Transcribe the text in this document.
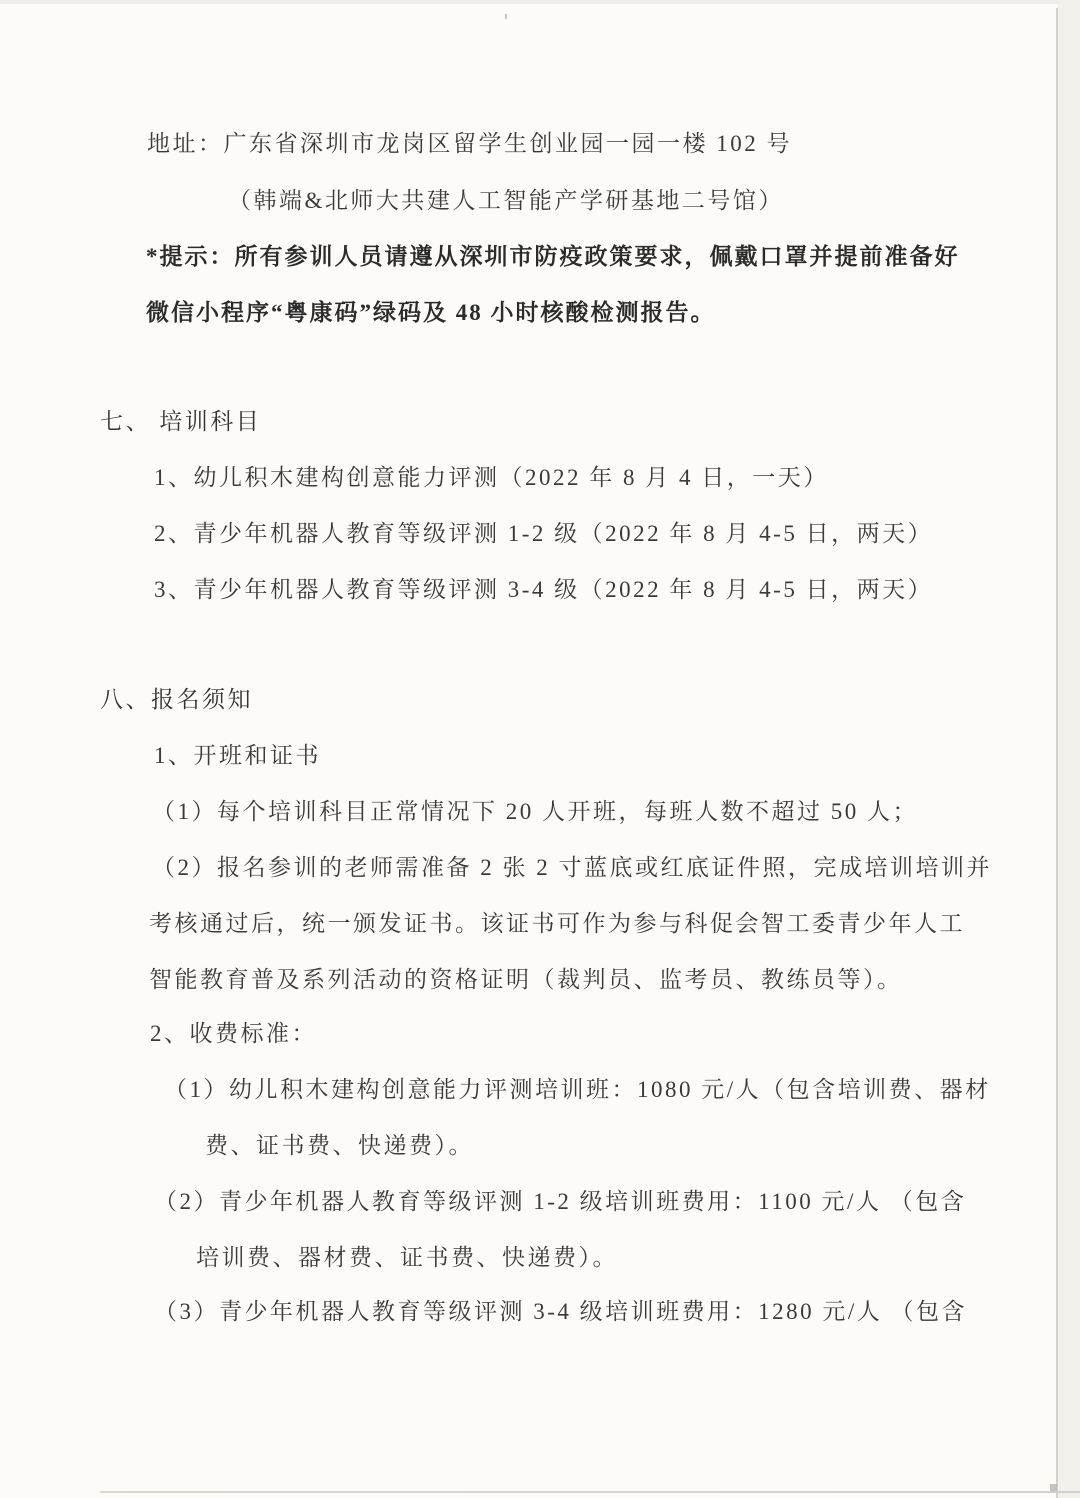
地址：广东省深圳市龙岗区留学生创业园一园一楼 102 号
（韩端&北师大共建人工智能产学研基地二号馆）
*提示：所有参训人员请遵从深圳市防疫政策要求，佩戴口罩并提前准备好
微信小程序“粤康码”绿码及 48 小时核酸检测报告。
七、 培训科目
1、幼儿积木建构创意能力评测（2022 年 8 月 4 日，一天）
2、青少年机器人教育等级评测 1-2 级（2022 年 8 月 4-5 日，两天）
3、青少年机器人教育等级评测 3-4 级（2022 年 8 月 4-5 日，两天）
八、报名须知
1、开班和证书
（1）每个培训科目正常情况下 20 人开班，每班人数不超过 50 人；
（2）报名参训的老师需准备 2 张 2 寸蓝底或红底证件照，完成培训培训并
考核通过后，统一颁发证书。该证书可作为参与科促会智工委青少年人工
智能教育普及系列活动的资格证明（裁判员、监考员、教练员等）。
2、收费标准：
（1）幼儿积木建构创意能力评测培训班：1080 元/人（包含培训费、器材
费、证书费、快递费）。
（2）青少年机器人教育等级评测 1-2 级培训班费用：1100 元/人 （包含
培训费、器材费、证书费、快递费）。
（3）青少年机器人教育等级评测 3-4 级培训班费用：1280 元/人 （包含
